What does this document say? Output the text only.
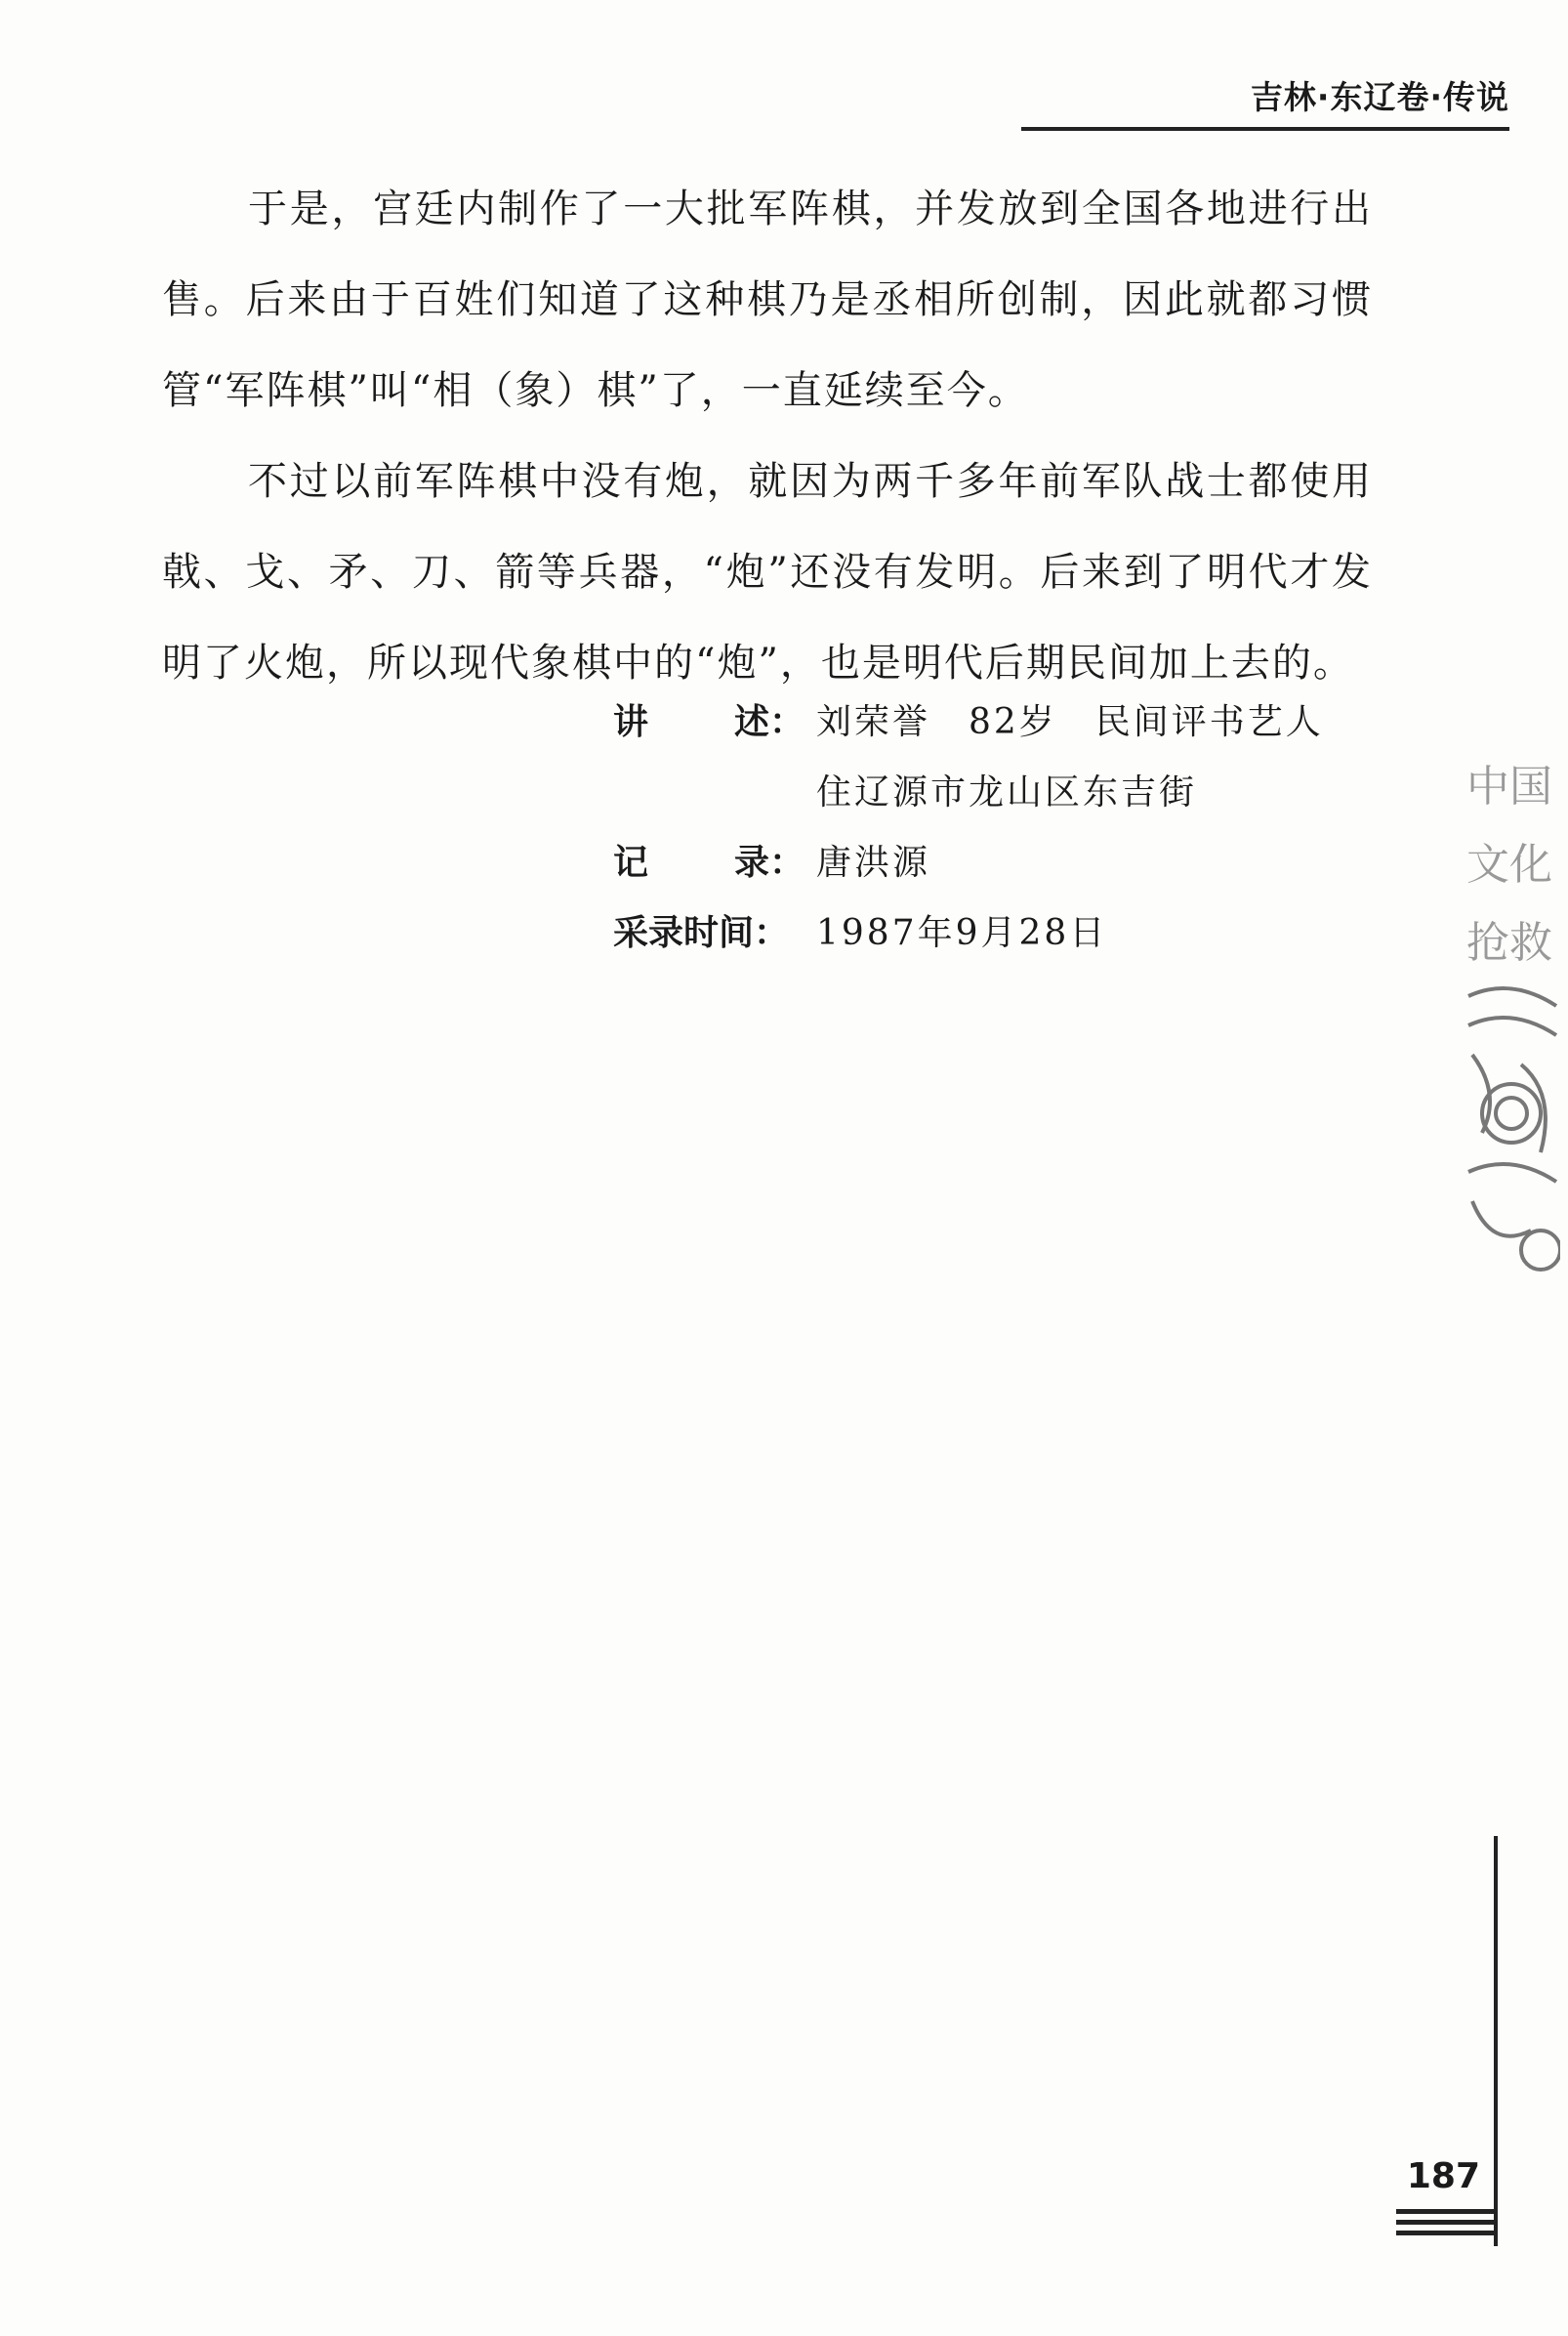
吉林·东辽卷·传说

于是，宫廷内制作了一大批军阵棋，并发放到全国各地进行出售。后来由于百姓们知道了这种棋乃是丞相所创制，因此就都习惯管“军阵棋”叫“相（象）棋”了，一直延续至今。

不过以前军阵棋中没有炮，就因为两千多年前军队战士都使用戟、戈、矛、刀、箭等兵器，“炮”还没有发明。后来到了明代才发明了火炮，所以现代象棋中的“炮”，也是明代后期民间加上去的。

讲 述： 刘荣誉　82岁　民间评书艺人
住辽源市龙山区东吉街
记 录： 唐洪源
采录时间： 1987年9月28日
中国
文化
抢救
187
